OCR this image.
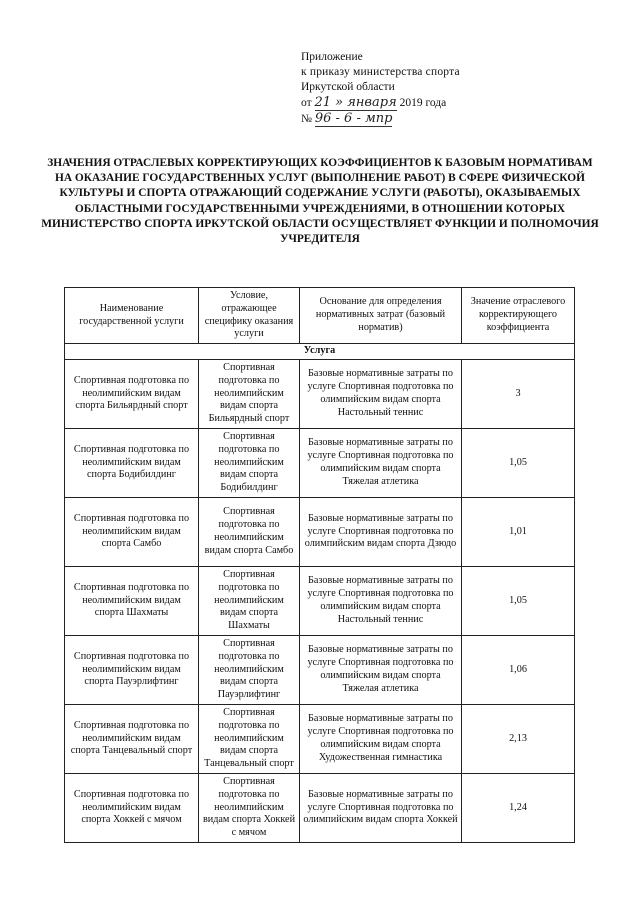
Приложение
к приказу министерства спорта
Иркутской области
от 21 » января 2019 года
№ 96 - 6 - мпр
ЗНАЧЕНИЯ ОТРАСЛЕВЫХ КОРРЕКТИРУЮЩИХ КОЭФФИЦИЕНТОВ К БАЗОВЫМ НОРМАТИВАМ НА ОКАЗАНИЕ ГОСУДАРСТВЕННЫХ УСЛУГ (ВЫПОЛНЕНИЕ РАБОТ) В СФЕРЕ ФИЗИЧЕСКОЙ КУЛЬТУРЫ И СПОРТА ОТРАЖАЮЩИЙ СОДЕРЖАНИЕ УСЛУГИ (РАБОТЫ), ОКАЗЫВАЕМЫХ ОБЛАСТНЫМИ ГОСУДАРСТВЕННЫМИ УЧРЕЖДЕНИЯМИ, В ОТНОШЕНИИ КОТОРЫХ МИНИСТЕРСТВО СПОРТА ИРКУТСКОЙ ОБЛАСТИ ОСУЩЕСТВЛЯЕТ ФУНКЦИИ И ПОЛНОМОЧИЯ УЧРЕДИТЕЛЯ
Наименование государственной услуги	Условие, отражающее специфику оказания услуги	Основание для определения нормативных затрат (базовый норматив)	Значение отраслевого корректирующего коэффициента
Услуга			
Спортивная подготовка по неолимпийским видам спорта Бильярдный спорт	Спортивная подготовка по неолимпийским видам спорта Бильярдный спорт	Базовые нормативные затраты по услуге Спортивная подготовка по олимпийским видам спорта Настольный теннис	3
Спортивная подготовка по неолимпийским видам спорта Бодибилдинг	Спортивная подготовка по неолимпийским видам спорта Бодибилдинг	Базовые нормативные затраты по услуге Спортивная подготовка по олимпийским видам спорта Тяжелая атлетика	1,05
Спортивная подготовка по неолимпийским видам спорта Самбо	Спортивная подготовка по неолимпийским видам спорта Самбо	Базовые нормативные затраты по услуге Спортивная подготовка по олимпийским видам спорта Дзюдо	1,01
Спортивная подготовка по неолимпийским видам спорта Шахматы	Спортивная подготовка по неолимпийским видам спорта Шахматы	Базовые нормативные затраты по услуге Спортивная подготовка по олимпийским видам спорта Настольный теннис	1,05
Спортивная подготовка по неолимпийским видам спорта Пауэрлифтинг	Спортивная подготовка по неолимпийским видам спорта Пауэрлифтинг	Базовые нормативные затраты по услуге Спортивная подготовка по олимпийским видам спорта Тяжелая атлетика	1,06
Спортивная подготовка по неолимпийским видам спорта Танцевальный спорт	Спортивная подготовка по неолимпийским видам спорта Танцевальный спорт	Базовые нормативные затраты по услуге Спортивная подготовка по олимпийским видам спорта Художественная гимнастика	2,13
Спортивная подготовка по неолимпийским видам спорта Хоккей с мячом	Спортивная подготовка по неолимпийским видам спорта Хоккей с мячом	Базовые нормативные затраты по услуге Спортивная подготовка по олимпийским видам спорта Хоккей	1,24
